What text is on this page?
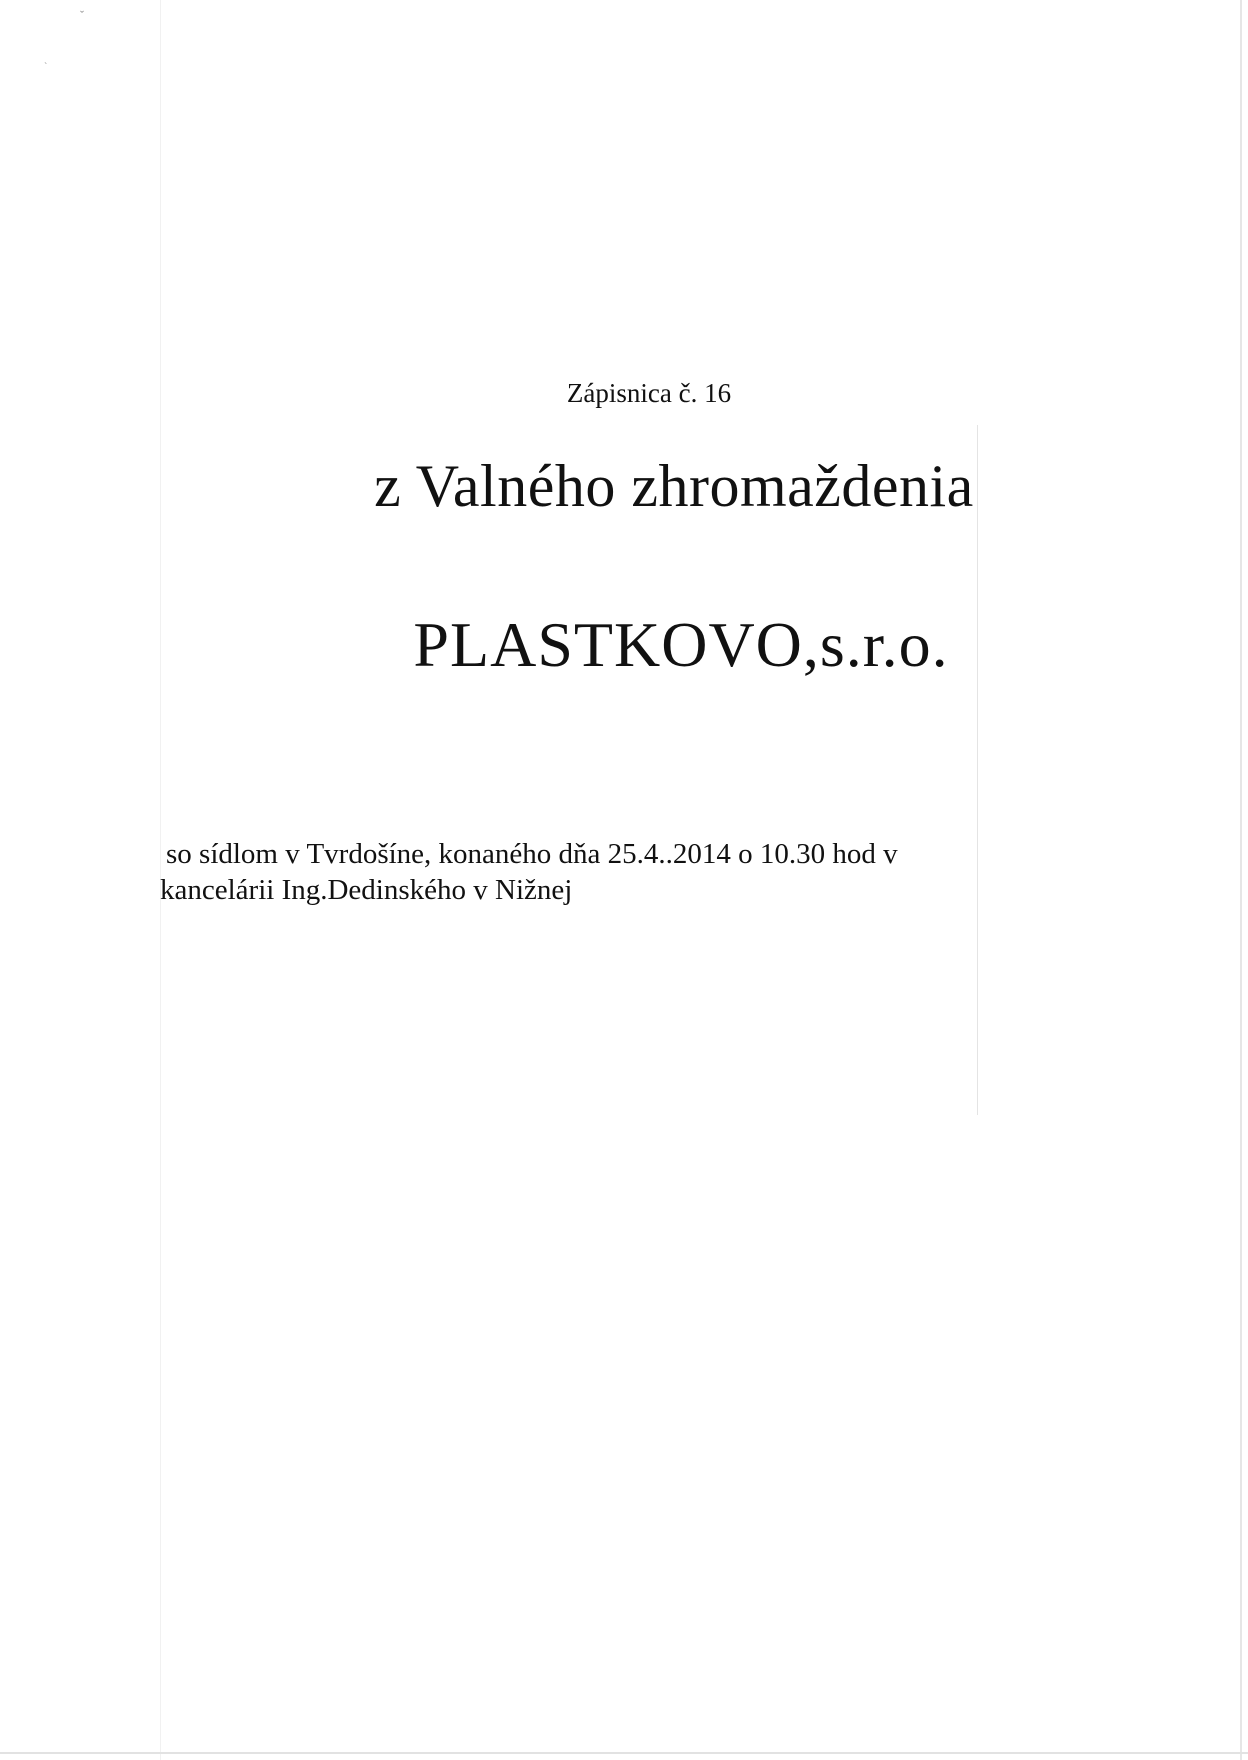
ˇ
`
Zápisnica č. 16
z Valného zhromaždenia
PLASTKOVO,s.r.o.
so sídlom v Tvrdošíne, konaného dňa 25.4..2014 o 10.30 hod v
kancelárii Ing.Dedinského v Nižnej
